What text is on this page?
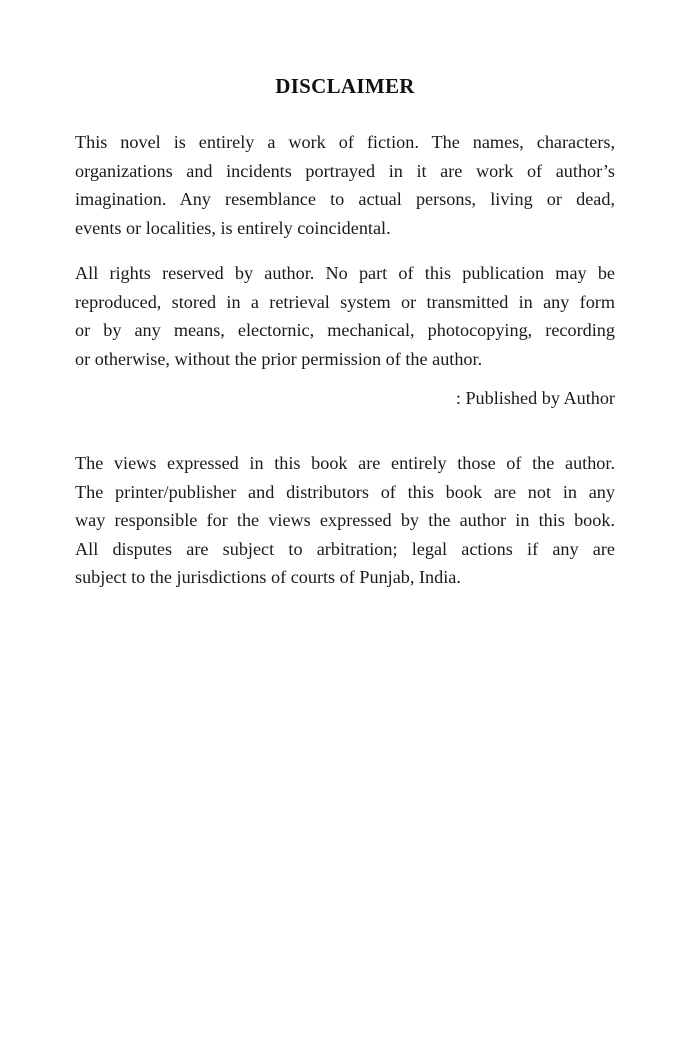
DISCLAIMER
This novel is entirely a work of fiction. The names, characters,
organizations and incidents portrayed in it are work of author’s
imagination. Any resemblance to actual persons, living or dead,
events or localities, is entirely coincidental.
All rights reserved by author. No part of this publication may be
reproduced, stored in a retrieval system or transmitted in any form
or by any means, electornic, mechanical, photocopying, recording
or otherwise, without the prior permission of the author.
: Published by Author
The views expressed in this book are entirely those of the author.
The printer/publisher and distributors of this book are not in any
way responsible for the views expressed by the author in this book.
All disputes are subject to arbitration; legal actions if any are
subject to the jurisdictions of courts of Punjab, India.
